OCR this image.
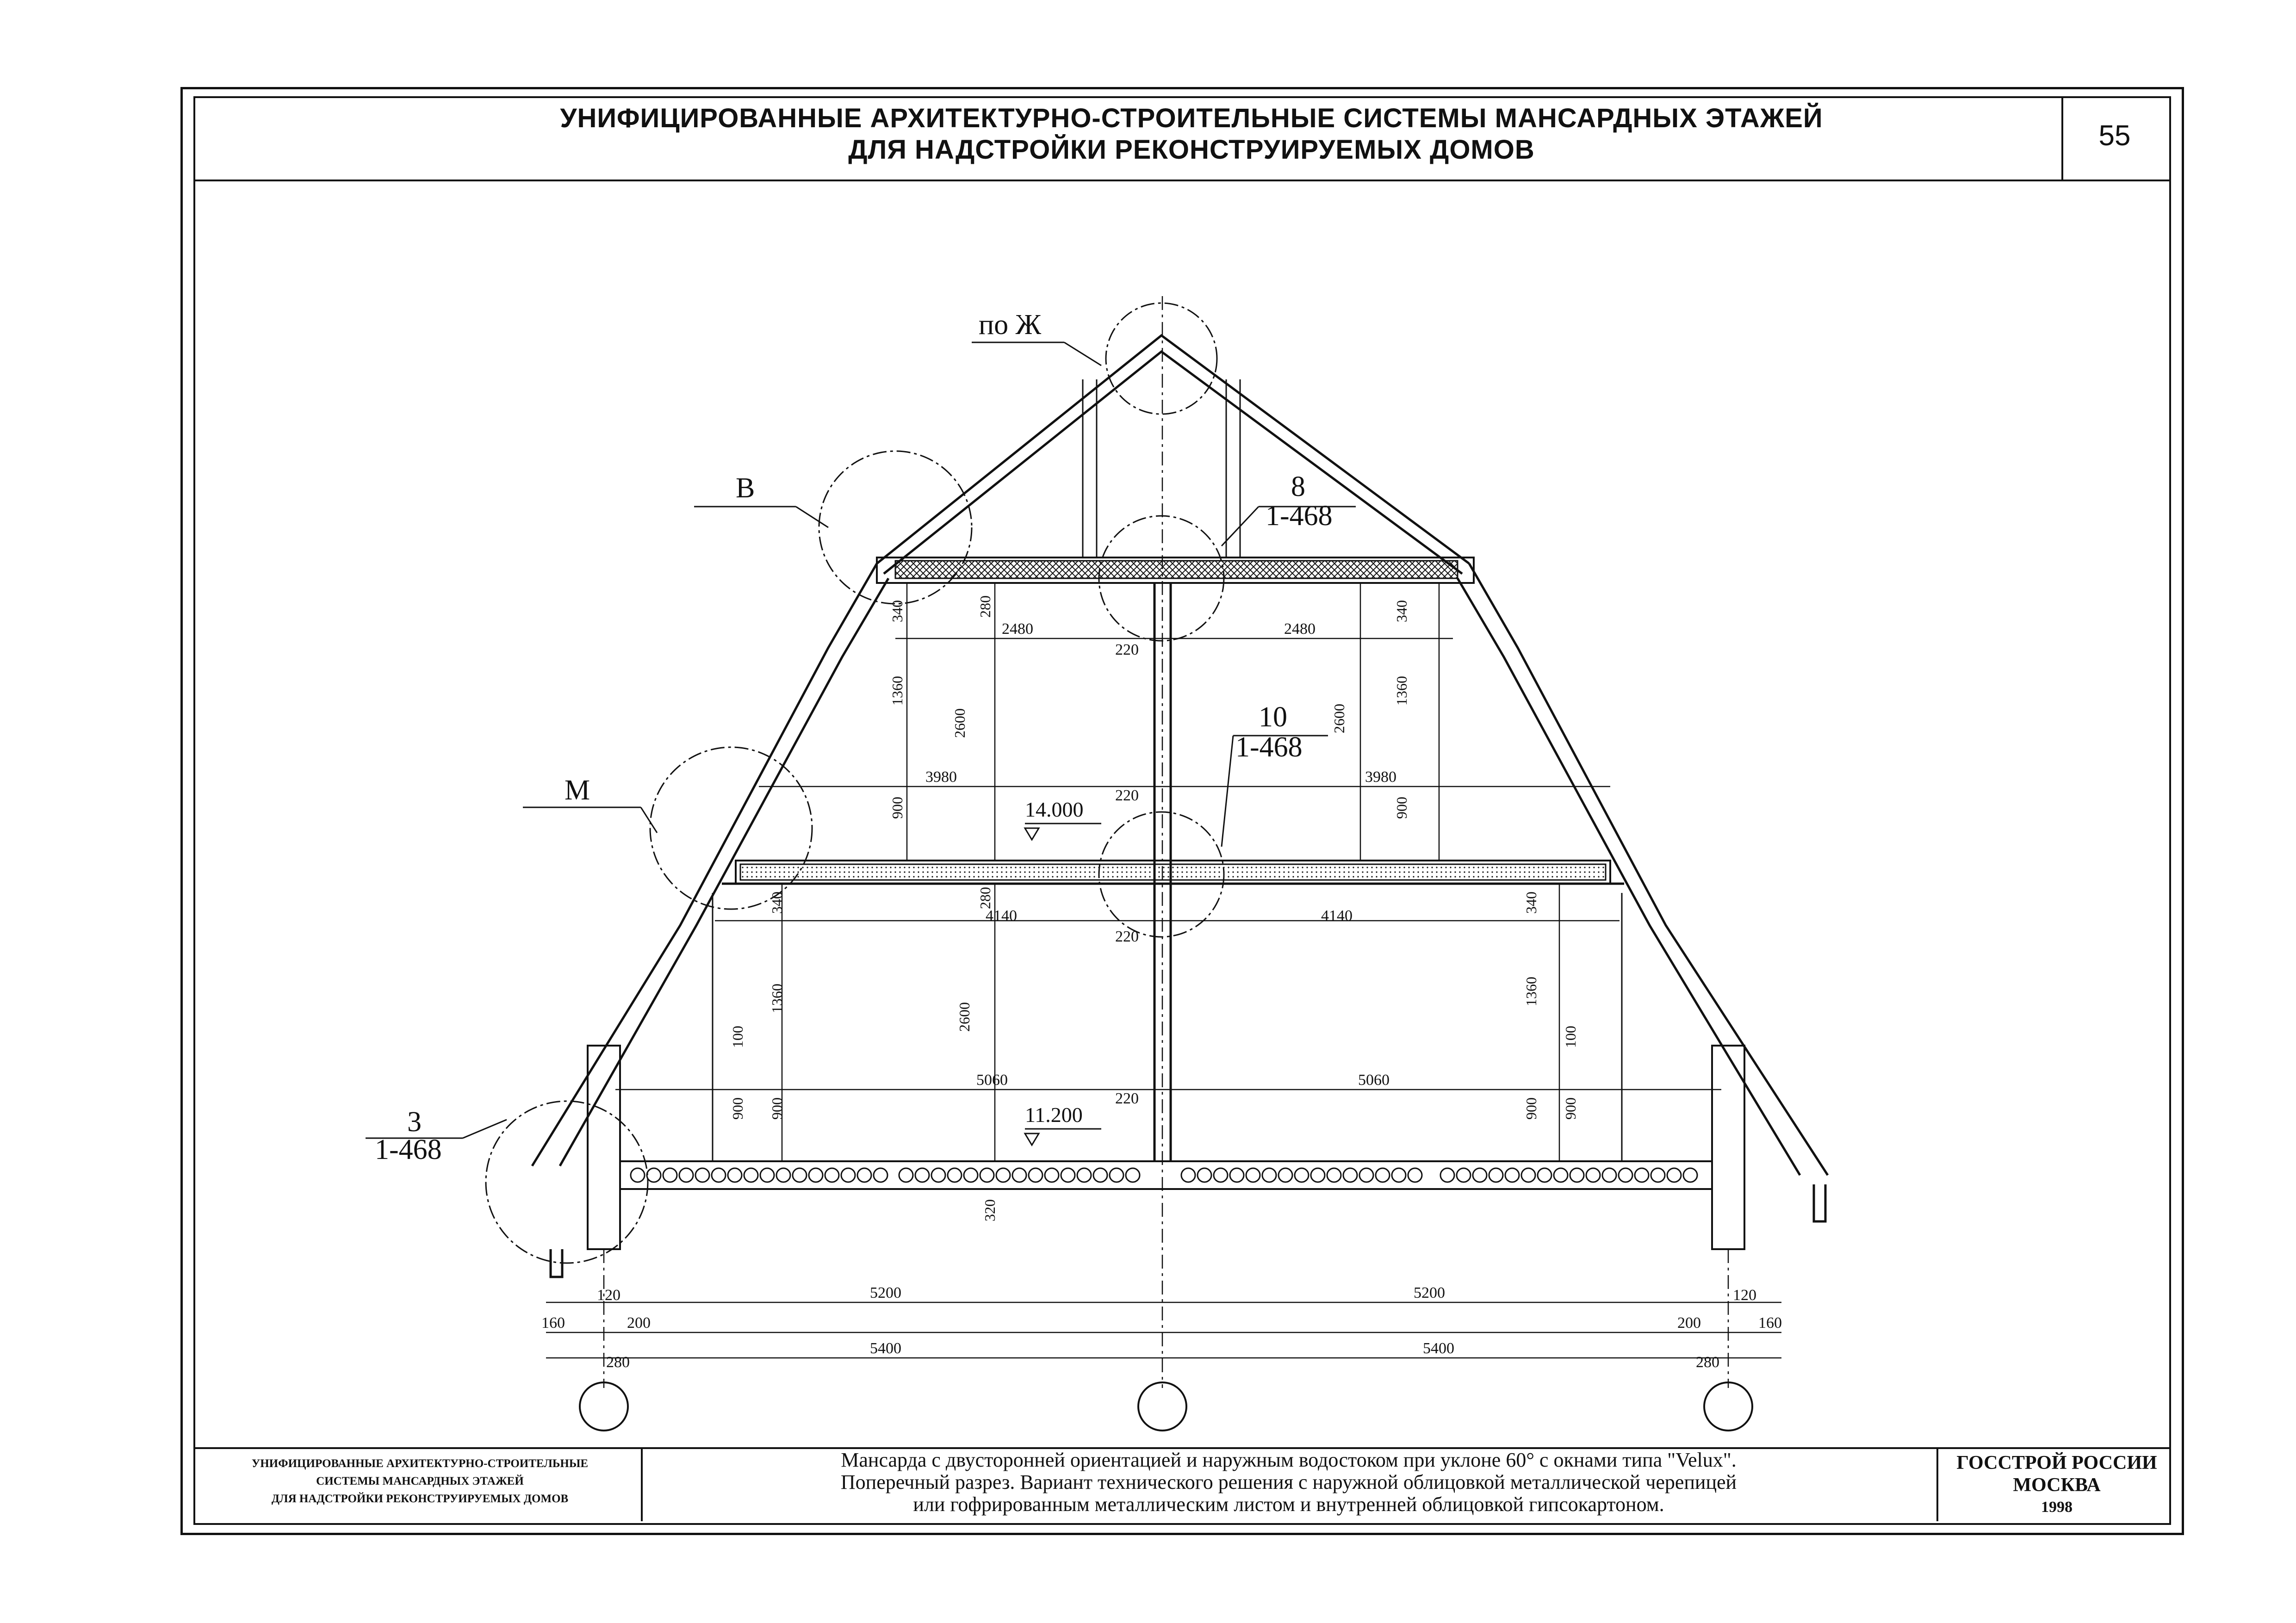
УНИФИЦИРОВАННЫЕ АРХИТЕКТУРНО-СТРОИТЕЛЬНЫЕ СИСТЕМЫ МАНСАРДНЫХ ЭТАЖЕЙ
ДЛЯ НАДСТРОЙКИ РЕКОНСТРУИРУЕМЫХ ДОМОВ	55
по Ж
В
М
8
1-468
10
1-468
3
1-468
14.000
11.200
2480	2480
220
3980	3980
220
4140	4140
220
5060	5060
220
5200	5200
5400	5400
120	120
160	160
200	200
280	280
340	280	340
1360	1360
2600	2600
900	900
340	280	340
1360	1360
2600
100	100
900 900	900 900
320
УНИФИЦИРОВАННЫЕ АРХИТЕКТУРНО-СТРОИТЕЛЬНЫЕ
СИСТЕМЫ МАНСАРДНЫХ ЭТАЖЕЙ
ДЛЯ НАДСТРОЙКИ РЕКОНСТРУИРУЕМЫХ ДОМОВ
Мансарда с двусторонней ориентацией и наружным водостоком при уклоне 60° с окнами типа "Velux".
Поперечный разрез. Вариант технического решения с наружной облицовкой металлической черепицей
или гофрированным металлическим листом и внутренней облицовкой гипсокартоном.
ГОССТРОЙ РОССИИ
МОСКВА
1998
